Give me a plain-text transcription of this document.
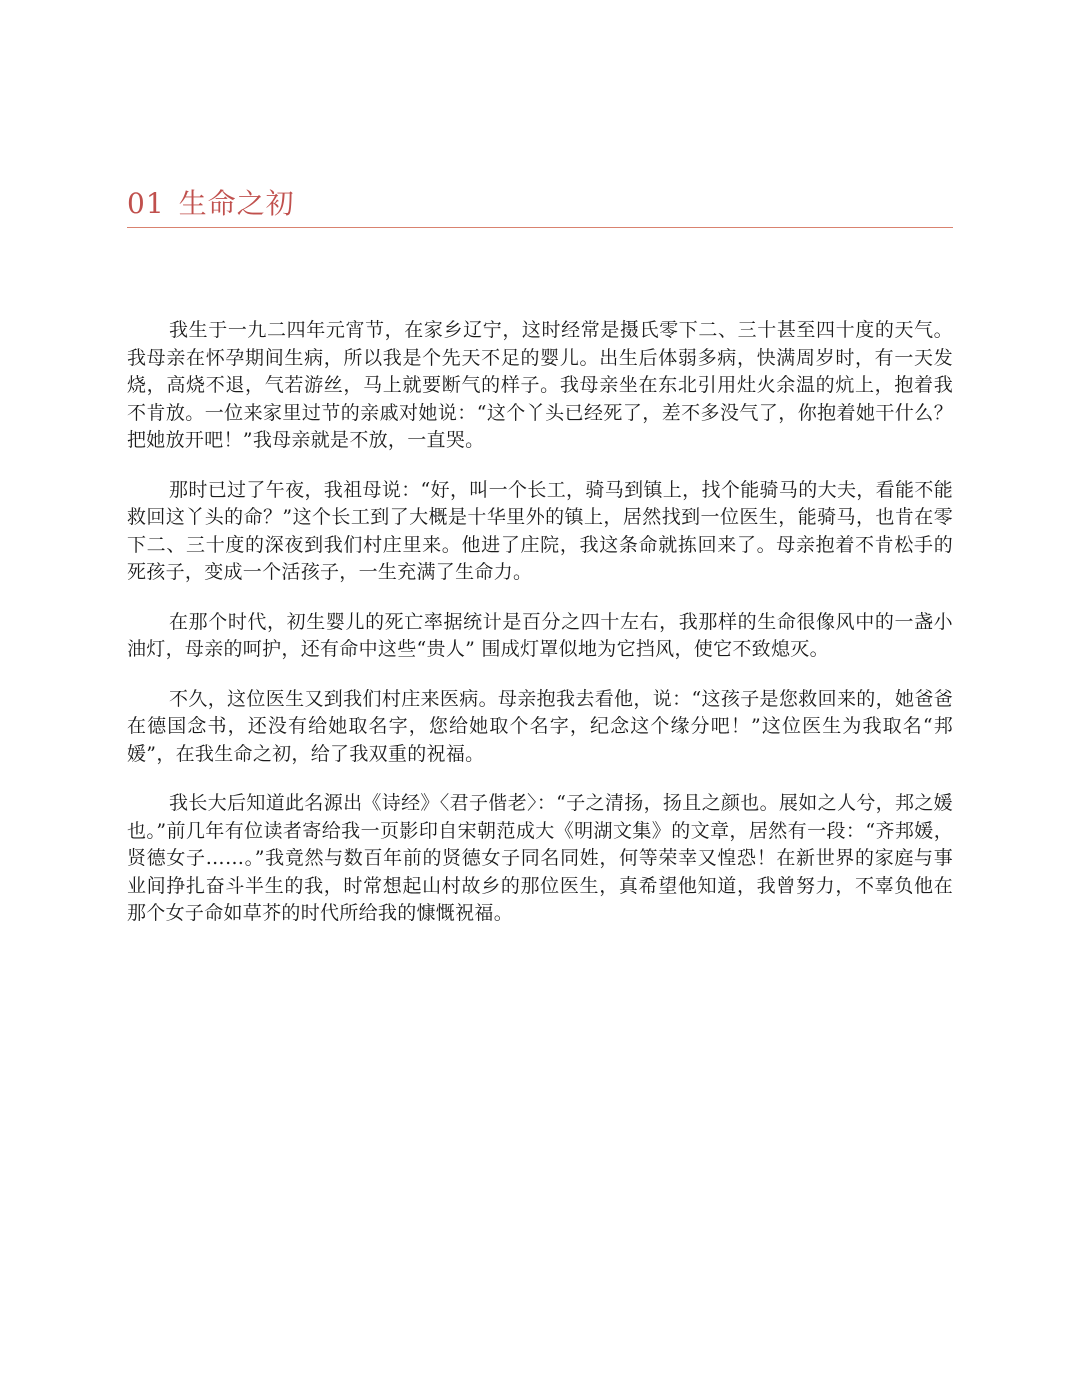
01 生命之初

我生于一九二四年元宵节，在家乡辽宁，这时经常是摄氏零下二、三十甚至四十度的天气。我母亲在怀孕期间生病，所以我是个先天不足的婴儿。出生后体弱多病，快满周岁时，有一天发烧，高烧不退，气若游丝，马上就要断气的样子。我母亲坐在东北引用灶火余温的炕上，抱着我不肯放。一位来家里过节的亲戚对她说：“这个丫头已经死了，差不多没气了，你抱着她干什么？把她放开吧！”我母亲就是不放，一直哭。

那时已过了午夜，我祖母说：“好，叫一个长工，骑马到镇上，找个能骑马的大夫，看能不能救回这丫头的命？”这个长工到了大概是十华里外的镇上，居然找到一位医生，能骑马，也肯在零下二、三十度的深夜到我们村庄里来。他进了庄院，我这条命就拣回来了。母亲抱着不肯松手的死孩子，变成一个活孩子，一生充满了生命力。

在那个时代，初生婴儿的死亡率据统计是百分之四十左右，我那样的生命很像风中的一盏小油灯，母亲的呵护，还有命中这些“贵人” 围成灯罩似地为它挡风，使它不致熄灭。

不久，这位医生又到我们村庄来医病。母亲抱我去看他，说：“这孩子是您救回来的，她爸爸在德国念书，还没有给她取名字，您给她取个名字，纪念这个缘分吧！”这位医生为我取名“邦媛”，在我生命之初，给了我双重的祝福。

我长大后知道此名源出《诗经》〈君子偕老〉：“子之清扬，扬且之颜也。展如之人兮，邦之媛也。”前几年有位读者寄给我一页影印自宋朝范成大《明湖文集》的文章，居然有一段：“齐邦媛，贤德女子……。”我竟然与数百年前的贤德女子同名同姓，何等荣幸又惶恐！在新世界的家庭与事业间挣扎奋斗半生的我，时常想起山村故乡的那位医生，真希望他知道，我曾努力，不辜负他在那个女子命如草芥的时代所给我的慷慨祝福。
